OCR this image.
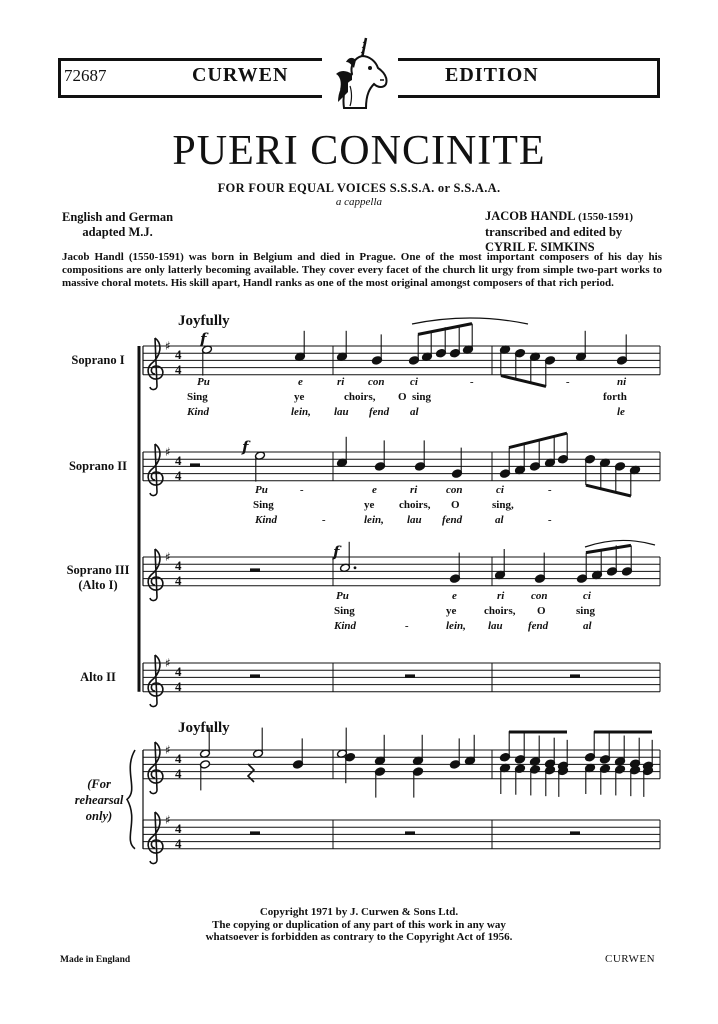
72687	CURWEN	EDITION
PUERI CONCINITE
FOR FOUR EQUAL VOICES S.S.S.A. or S.S.A.A.
a cappella
English and German
adapted M.J.
JACOB HANDL (1550-1591)
transcribed and edited by
CYRIL F. SIMKINS
Jacob Handl (1550-1591) was born in Belgium and died in Prague. One of the most important composers of his day his compositions are only latterly becoming available. They cover every facet of the church lit urgy from simple two-part works to massive choral motets. His skill apart, Handl ranks as one of the most original amongst composers of that rich period.
♯
4
4
♯
4
4
♯
4
4
♯
4
4
♯
4
4
♯
4
4
Joyfully
Joyfully
Soprano I
Soprano II
Soprano III
(Alto I)
Alto II
(For
rehearsal
only)
Pu	e	ri con ci	-	-	ni
Sing	ye	choirs, O sing	forth
Kind	lein, lau fend al	le
Pu	-	e	ri	con	ci	-
Sing	ye choirs, O	sing,
Kind	-	lein, lau fend	al	-
Pu	e	ri con	ci
Sing	ye	choirs, O	sing
Kind	-	lein, lau fend	al
f
f
f
Copyright 1971 by J. Curwen & Sons Ltd.
The copying or duplication of any part of this work in any way
whatsoever is forbidden as contrary to the Copyright Act of 1956.
Made in England	CURWEN
